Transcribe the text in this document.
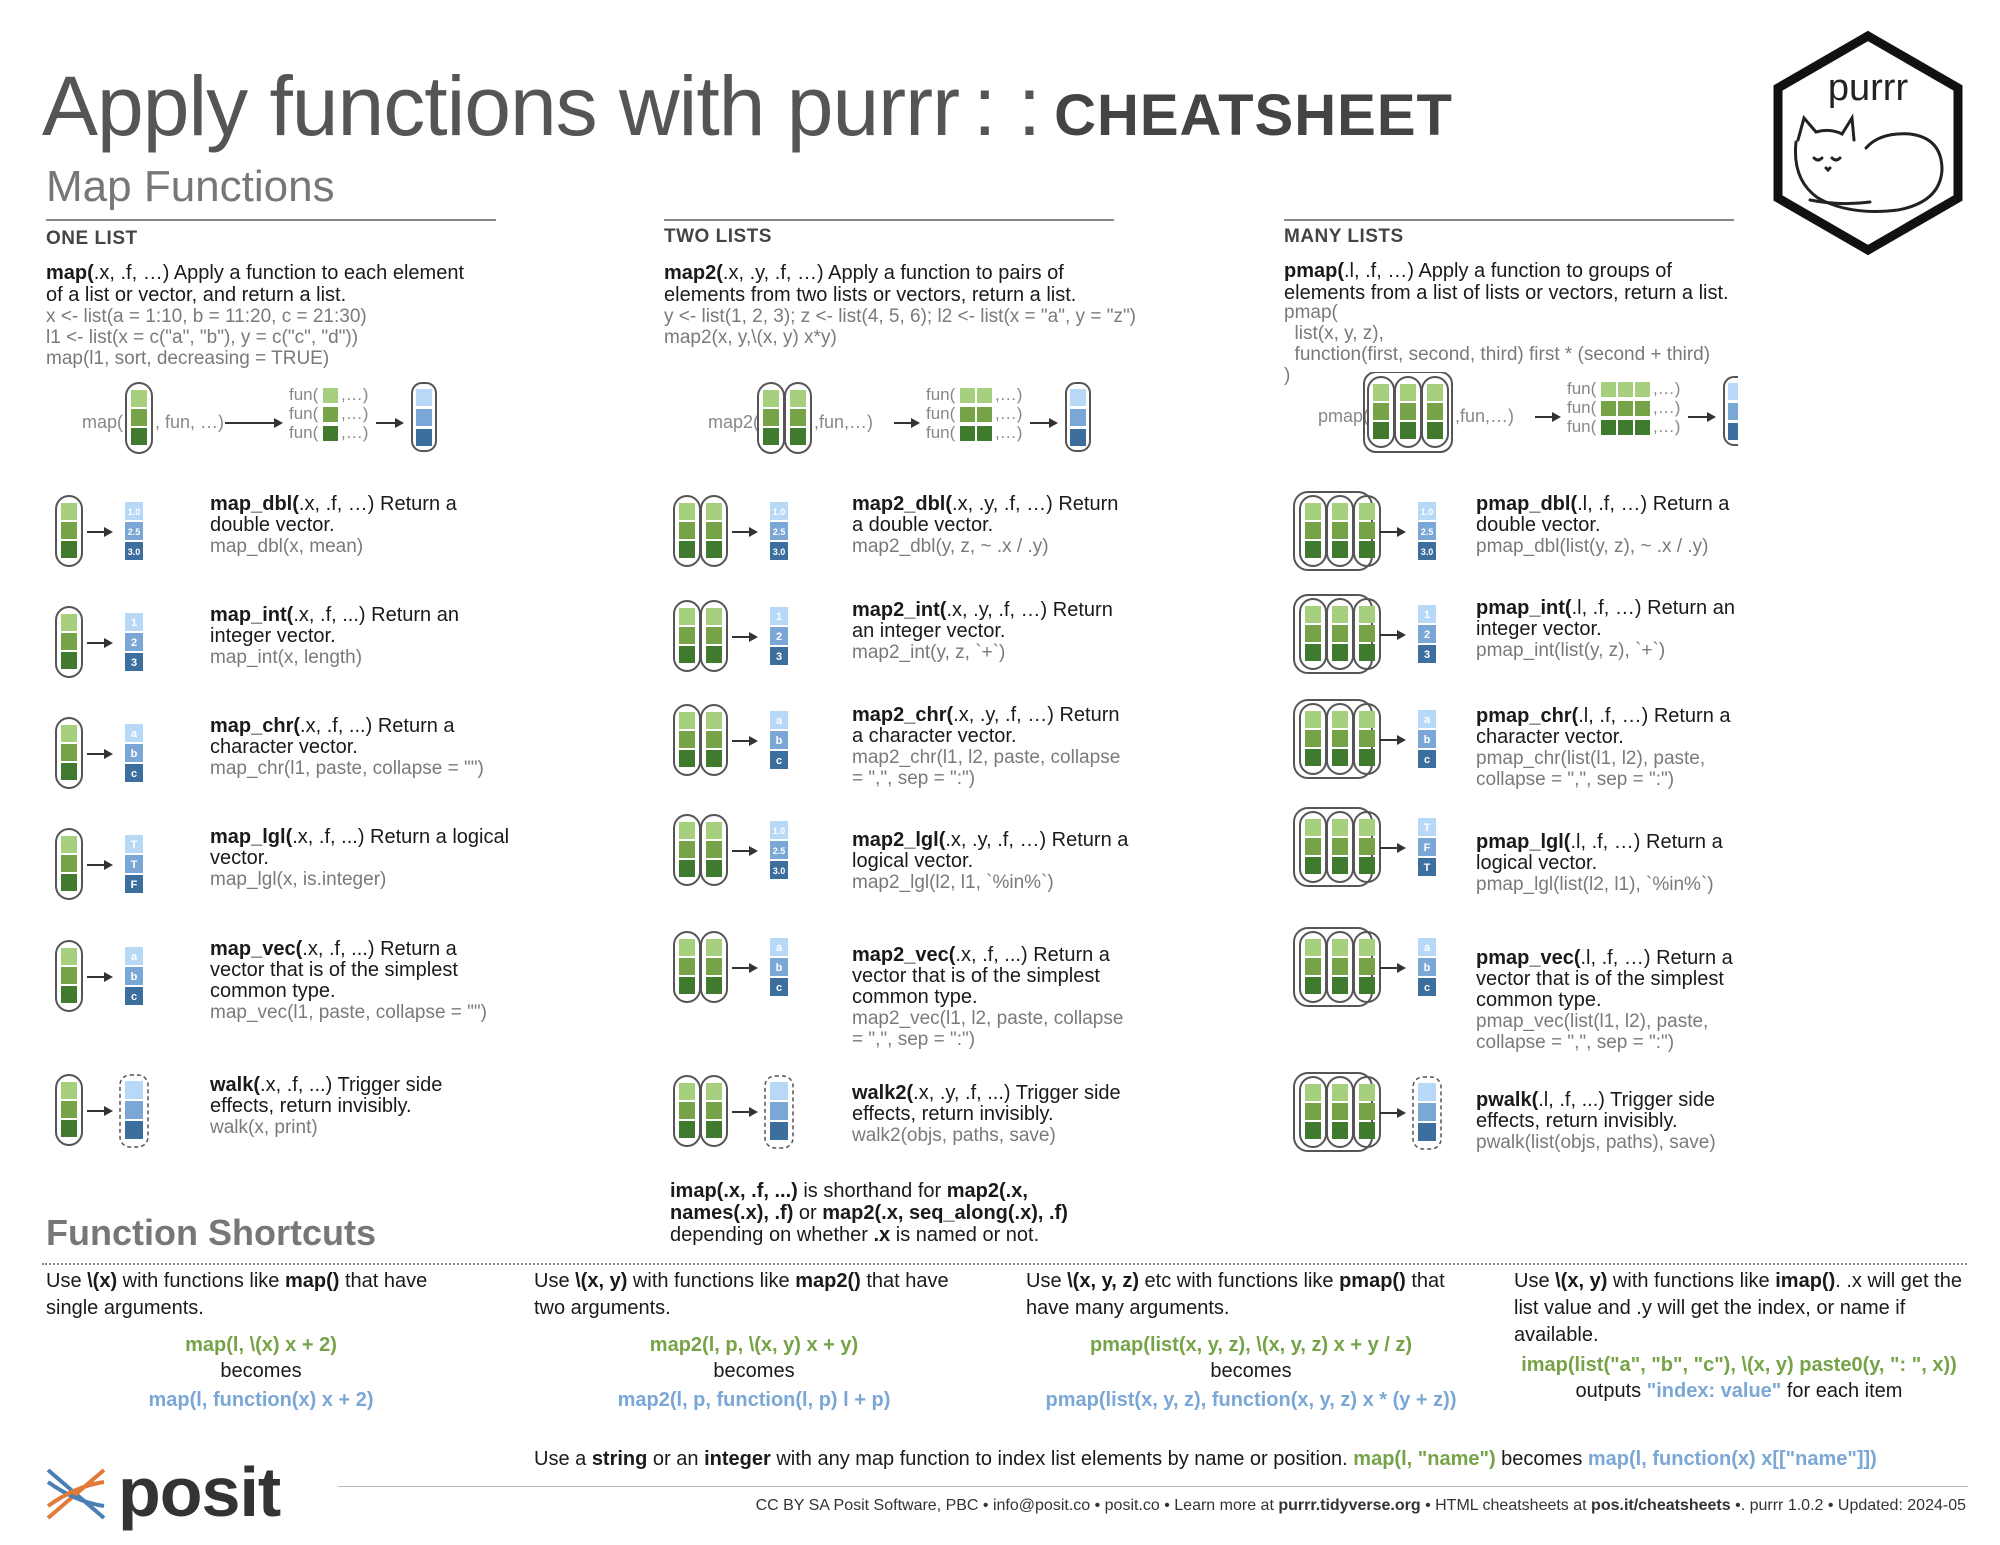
Apply functions with purrr : : CHEATSHEET	purrr
Map Functions
ONE LIST	TWO LISTS	MANY LISTS
map(.x, .f, …) Apply a function to each element of a list or vector, and return a list.
x <- list(a = 1:10, b = 11:20, c = 21:30)
l1 <- list(x = c("a", "b"), y = c("c", "d"))
map(l1, sort, decreasing = TRUE)
map2(.x, .y, .f, …) Apply a function to pairs of elements from two lists or vectors, return a list.
y <- list(1, 2, 3); z <- list(4, 5, 6); l2 <- list(x = "a", y = "z")
map2(x, y,\(x, y) x*y)
pmap(.l, .f, …) Apply a function to groups of elements from a list of lists or vectors, return a list.
pmap(
list(x, y, z),
function(first, second, third) first * (second + third)
)
map( , fun, …)
fun( ,…)
fun( ,…)
fun( ,…)
map2(	,fun,…)
fun( ,…)
fun( ,…)
fun( ,…)
pmap(	,fun,…)
fun(	,…)
fun(	,…)
fun(	,…)
1.0
2.5
3.0
map_dbl(.x, .f, …) Return a double vector.
map_dbl(x, mean)
1
2
3
map_int(.x, .f, ...) Return an integer vector.
map_int(x, length)
a
b
c
map_chr(.x, .f, ...) Return a character vector.
map_chr(l1, paste, collapse = "")
T
T
F
map_lgl(.x, .f, ...) Return a logical vector.
map_lgl(x, is.integer)
a
b
c
map_vec(.x, .f, ...) Return a vector that is of the simplest common type.
map_vec(l1, paste, collapse = "")
walk(.x, .f, ...) Trigger side effects, return invisibly.
walk(x, print)
1.0
2.5
3.0
map2_dbl(.x, .y, .f, …) Return a double vector.
map2_dbl(y, z, ~ .x / .y)
1
2
3
map2_int(.x, .y, .f, …) Return an integer vector.
map2_int(y, z, `+`)
a
b
c
map2_chr(.x, .y, .f, …) Return a character vector.
map2_chr(l1, l2, paste, collapse = ",", sep = ":")
1.0
2.5
3.0
map2_lgl(.x, .y, .f, …) Return a logical vector.
map2_lgl(l2, l1, `%in%`)
a
b
c
map2_vec(.x, .f, ...) Return a vector that is of the simplest common type.
map2_vec(l1, l2, paste, collapse = ",", sep = ":")
walk2(.x, .y, .f, ...) Trigger side effects, return invisibly.
walk2(objs, paths, save)
1.0
2.5
3.0
pmap_dbl(.l, .f, …) Return a double vector.
pmap_dbl(list(y, z), ~ .x / .y)
1
2
3
pmap_int(.l, .f, …) Return an integer vector.
pmap_int(list(y, z), `+`)
a
b
c
pmap_chr(.l, .f, …) Return a character vector.
pmap_chr(list(l1, l2), paste, collapse = ",", sep = ":")
T
F
T
pmap_lgl(.l, .f, …) Return a logical vector.
pmap_lgl(list(l2, l1), `%in%`)
a
b
c
pmap_vec(.l, .f, …) Return a vector that is of the simplest common type.
pmap_vec(list(l1, l2), paste, collapse = ",", sep = ":")
pwalk(.l, .f, ...) Trigger side effects, return invisibly.
pwalk(list(objs, paths), save)
imap(.x, .f, ...) is shorthand for map2(.x, names(.x), .f) or map2(.x, seq_along(.x), .f) depending on whether .x is named or not.
Function Shortcuts
Use \(x) with functions like map() that have single arguments.
map(l, \(x) x + 2)
becomes
map(l, function(x) x + 2)
Use \(x, y) with functions like map2() that have two arguments.
map2(l, p, \(x, y) x + y)
becomes
map2(l, p, function(l, p) l + p)
Use \(x, y, z) etc with functions like pmap() that have many arguments.
pmap(list(x, y, z), \(x, y, z) x + y / z)
becomes
pmap(list(x, y, z), function(x, y, z) x * (y + z))
Use \(x, y) with functions like imap(). .x will get the list value and .y will get the index, or name if available.
imap(list("a", "b", "c"), \(x, y) paste0(y, ": ", x))
outputs "index: value" for each item
Use a string or an integer with any map function to index list elements by name or position. map(l, "name") becomes map(l, function(x) x[["name"]])
posit	CC BY SA Posit Software, PBC • info@posit.co • posit.co • Learn more at purrr.tidyverse.org • HTML cheatsheets at pos.it/cheatsheets •. purrr 1.0.2 • Updated: 2024-05
